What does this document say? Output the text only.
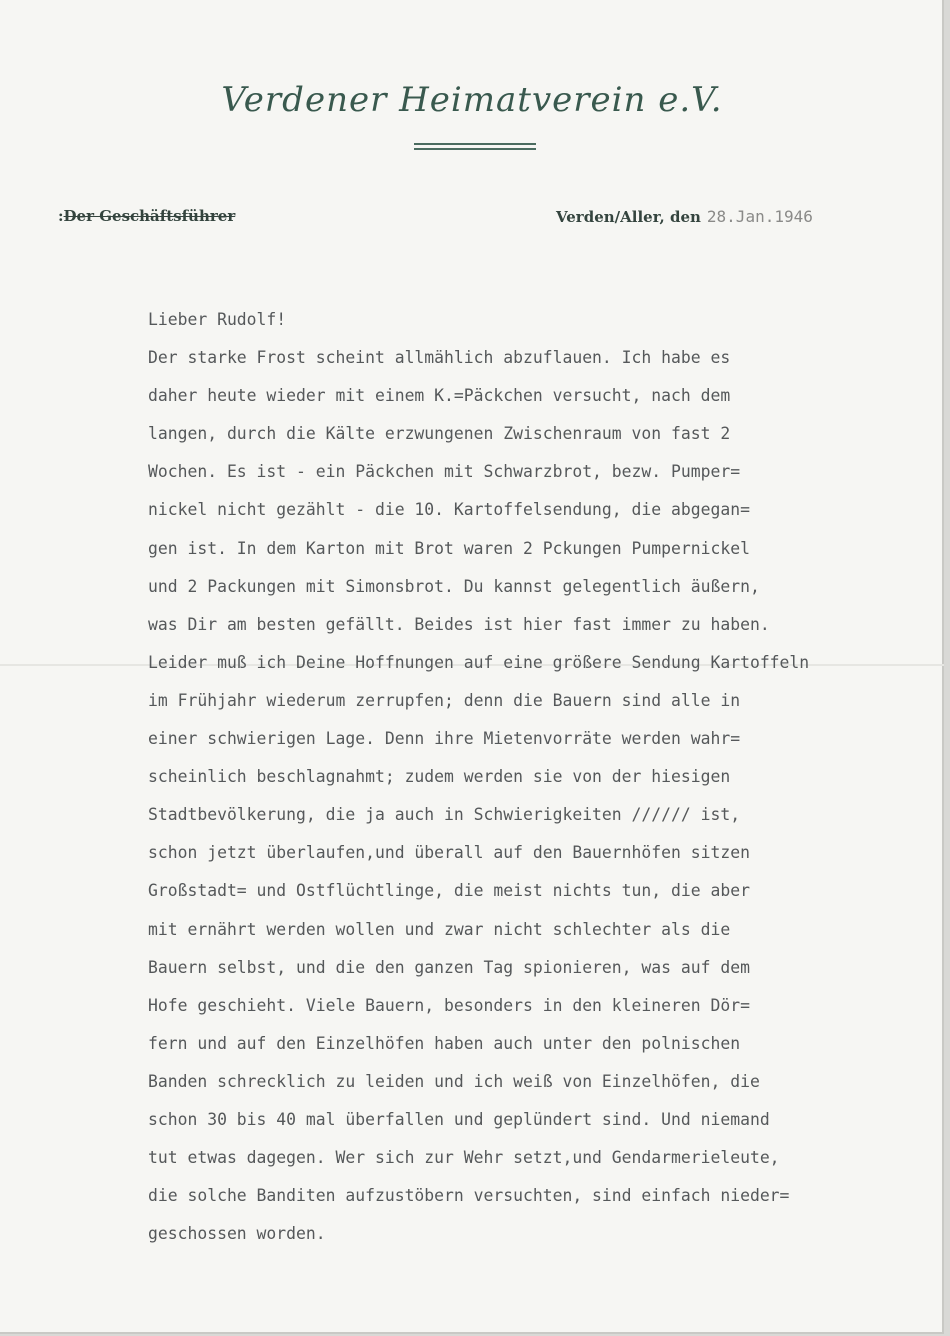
Verdener Heimatverein e.V.
:Der Geschäftsführer	Verden/Aller, den 28.Jan.1946
Lieber Rudolf!
Der starke Frost scheint allmählich abzuflauen. Ich habe es
daher heute wieder mit einem K.=Päckchen versucht, nach dem
langen, durch die Kälte erzwungenen Zwischenraum von fast 2
Wochen. Es ist - ein Päckchen mit Schwarzbrot, bezw. Pumper=
nickel nicht gezählt - die 10. Kartoffelsendung, die abgegan=
gen ist. In dem Karton mit Brot waren 2 Pckungen Pumpernickel
und 2 Packungen mit Simonsbrot. Du kannst gelegentlich äußern,
was Dir am besten gefällt. Beides ist hier fast immer zu haben.
Leider muß ich Deine Hoffnungen auf eine größere Sendung Kartoffeln
im Frühjahr wiederum zerrupfen; denn die Bauern sind alle in
einer schwierigen Lage. Denn ihre Mietenvorräte werden wahr=
scheinlich beschlagnahmt; zudem werden sie von der hiesigen
Stadtbevölkerung, die ja auch in Schwierigkeiten ////// ist,
schon jetzt überlaufen,und überall auf den Bauernhöfen sitzen
Großstadt= und Ostflüchtlinge, die meist nichts tun, die aber
mit ernährt werden wollen und zwar nicht schlechter als die
Bauern selbst, und die den ganzen Tag spionieren, was auf dem
Hofe geschieht. Viele Bauern, besonders in den kleineren Dör=
fern und auf den Einzelhöfen haben auch unter den polnischen
Banden schrecklich zu leiden und ich weiß von Einzelhöfen, die
schon 30 bis 40 mal überfallen und geplündert sind. Und niemand
tut etwas dagegen. Wer sich zur Wehr setzt,und Gendarmerieleute,
die solche Banditen aufzustöbern versuchten, sind einfach nieder=
geschossen worden.
